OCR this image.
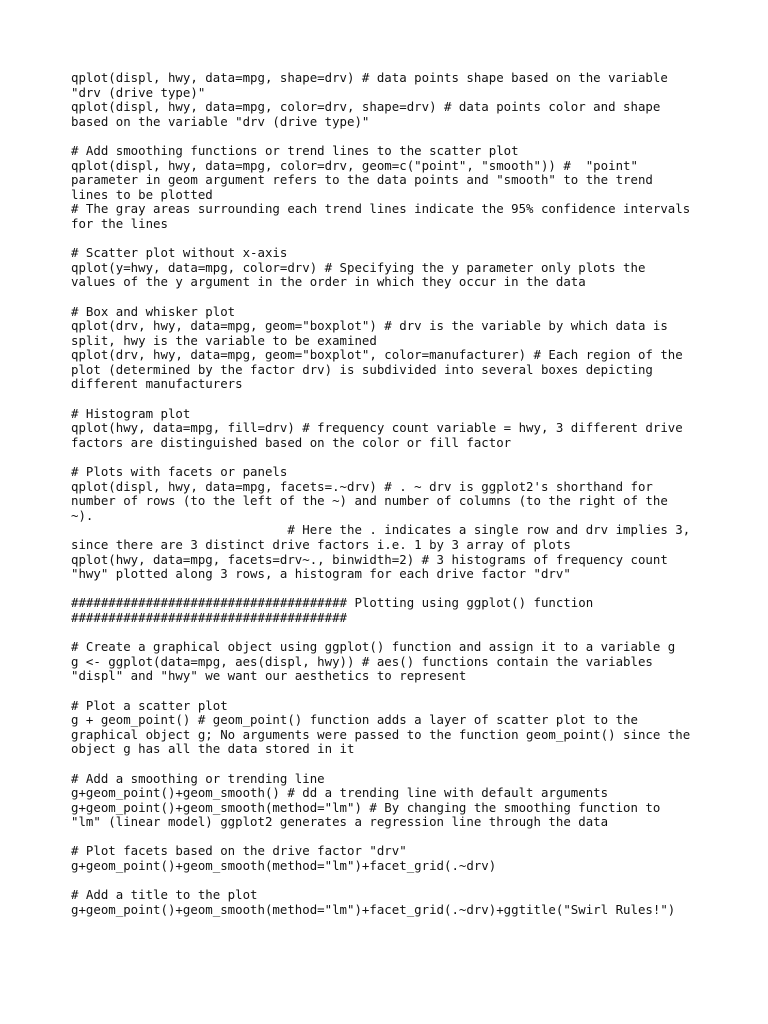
qplot(displ, hwy, data=mpg, shape=drv) # data points shape based on the variable
"drv (drive type)"
qplot(displ, hwy, data=mpg, color=drv, shape=drv) # data points color and shape
based on the variable "drv (drive type)"
# Add smoothing functions or trend lines to the scatter plot
qplot(displ, hwy, data=mpg, color=drv, geom=c("point", "smooth")) #  "point"
parameter in geom argument refers to the data points and "smooth" to the trend
lines to be plotted
# The gray areas surrounding each trend lines indicate the 95% confidence intervals
for the lines
# Scatter plot without x-axis
qplot(y=hwy, data=mpg, color=drv) # Specifying the y parameter only plots the
values of the y argument in the order in which they occur in the data
# Box and whisker plot
qplot(drv, hwy, data=mpg, geom="boxplot") # drv is the variable by which data is
split, hwy is the variable to be examined
qplot(drv, hwy, data=mpg, geom="boxplot", color=manufacturer) # Each region of the
plot (determined by the factor drv) is subdivided into several boxes depicting
different manufacturers
# Histogram plot
qplot(hwy, data=mpg, fill=drv) # frequency count variable = hwy, 3 different drive
factors are distinguished based on the color or fill factor
# Plots with facets or panels
qplot(displ, hwy, data=mpg, facets=.~drv) # . ~ drv is ggplot2's shorthand for
number of rows (to the left of the ~) and number of columns (to the right of the
~).
# Here the . indicates a single row and drv implies 3,
since there are 3 distinct drive factors i.e. 1 by 3 array of plots
qplot(hwy, data=mpg, facets=drv~., binwidth=2) # 3 histograms of frequency count
"hwy" plotted along 3 rows, a histogram for each drive factor "drv"
##################################### Plotting using ggplot() function
#####################################
# Create a graphical object using ggplot() function and assign it to a variable g
g <- ggplot(data=mpg, aes(displ, hwy)) # aes() functions contain the variables
"displ" and "hwy" we want our aesthetics to represent
# Plot a scatter plot
g + geom_point() # geom_point() function adds a layer of scatter plot to the
graphical object g; No arguments were passed to the function geom_point() since the
object g has all the data stored in it
# Add a smoothing or trending line
g+geom_point()+geom_smooth() # dd a trending line with default arguments
g+geom_point()+geom_smooth(method="lm") # By changing the smoothing function to
"lm" (linear model) ggplot2 generates a regression line through the data
# Plot facets based on the drive factor "drv"
g+geom_point()+geom_smooth(method="lm")+facet_grid(.~drv)
# Add a title to the plot
g+geom_point()+geom_smooth(method="lm")+facet_grid(.~drv)+ggtitle("Swirl Rules!")
